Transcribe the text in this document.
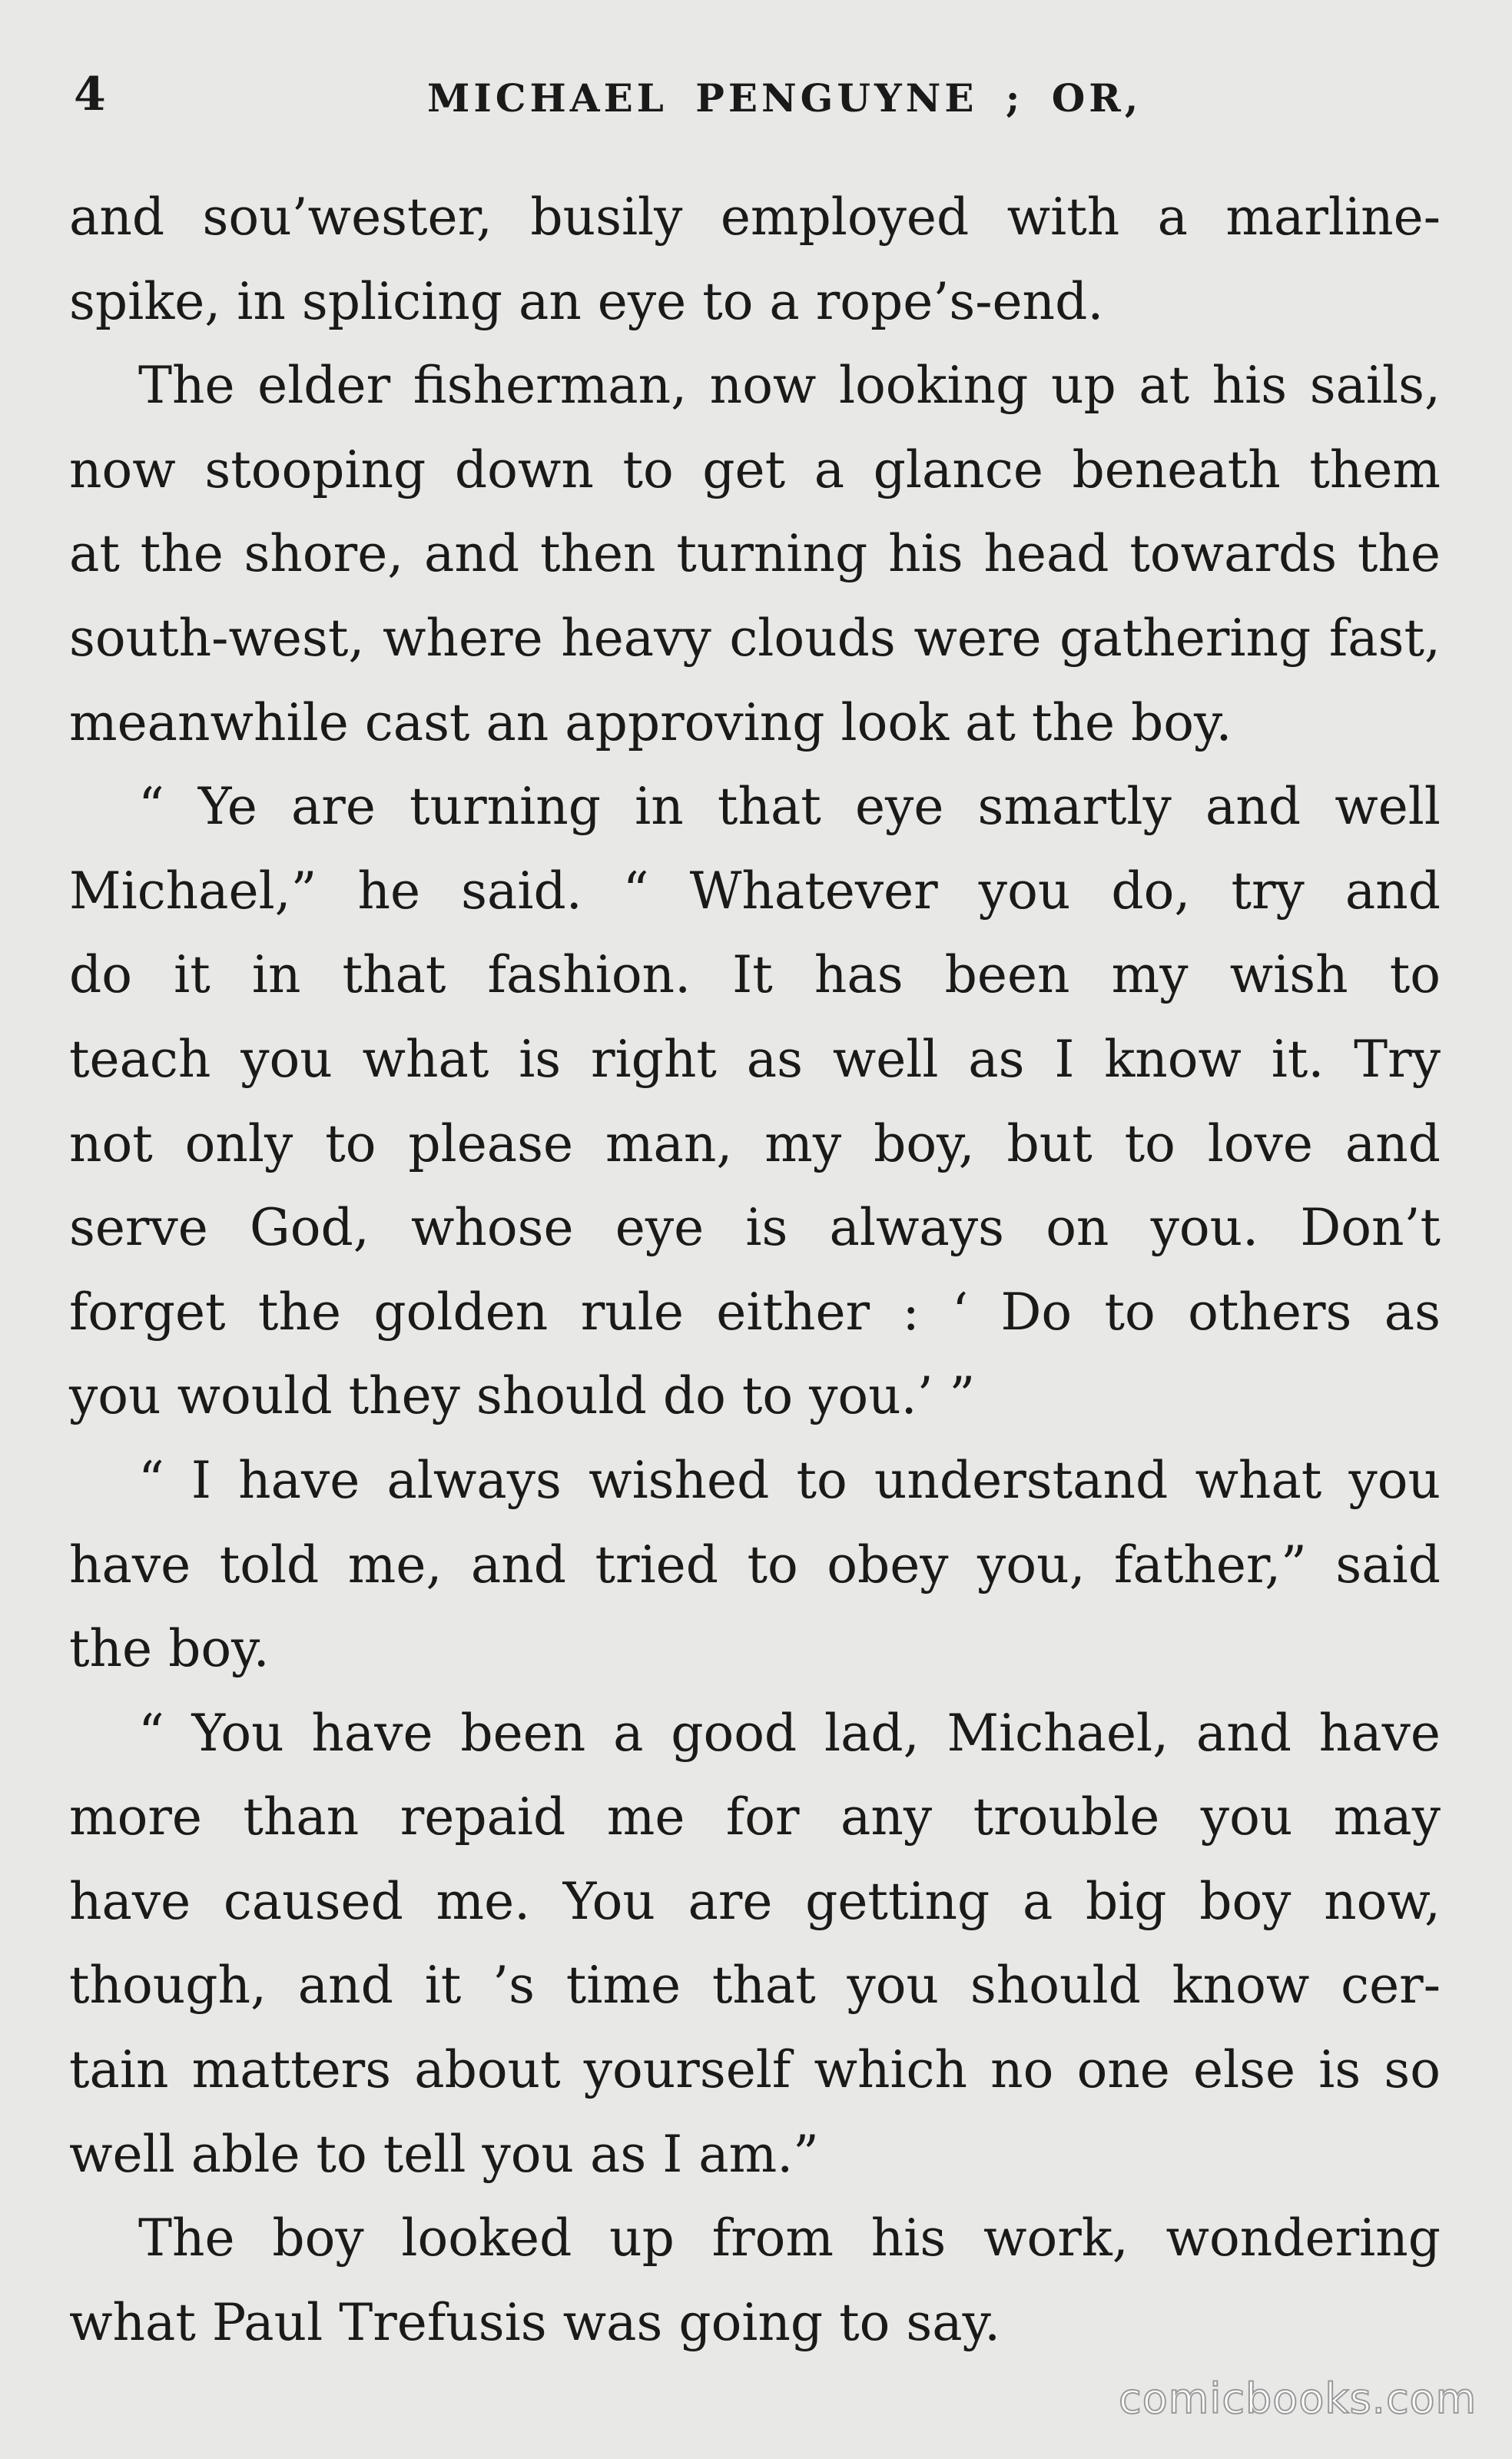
4	MICHAEL PENGUYNE ; OR,
and sou’wester, busily employed with a marline-
spike, in splicing an eye to a rope’s-end.
The elder fisherman, now looking up at his sails,
now stooping down to get a glance beneath them
at the shore, and then turning his head towards the
south-west, where heavy clouds were gathering fast,
meanwhile cast an approving look at the boy.
“ Ye are turning in that eye smartly and well
Michael,” he said. “ Whatever you do, try and
do it in that fashion. It has been my wish to
teach you what is right as well as I know it. Try
not only to please man, my boy, but to love and
serve God, whose eye is always on you. Don’t
forget the golden rule either : ‘ Do to others as
you would they should do to you.’ ”
“ I have always wished to understand what you
have told me, and tried to obey you, father,” said
the boy.
“ You have been a good lad, Michael, and have
more than repaid me for any trouble you may
have caused me. You are getting a big boy now,
though, and it ’s time that you should know cer-
tain matters about yourself which no one else is so
well able to tell you as I am.”
The boy looked up from his work, wondering
what Paul Trefusis was going to say.
comicbooks.com
